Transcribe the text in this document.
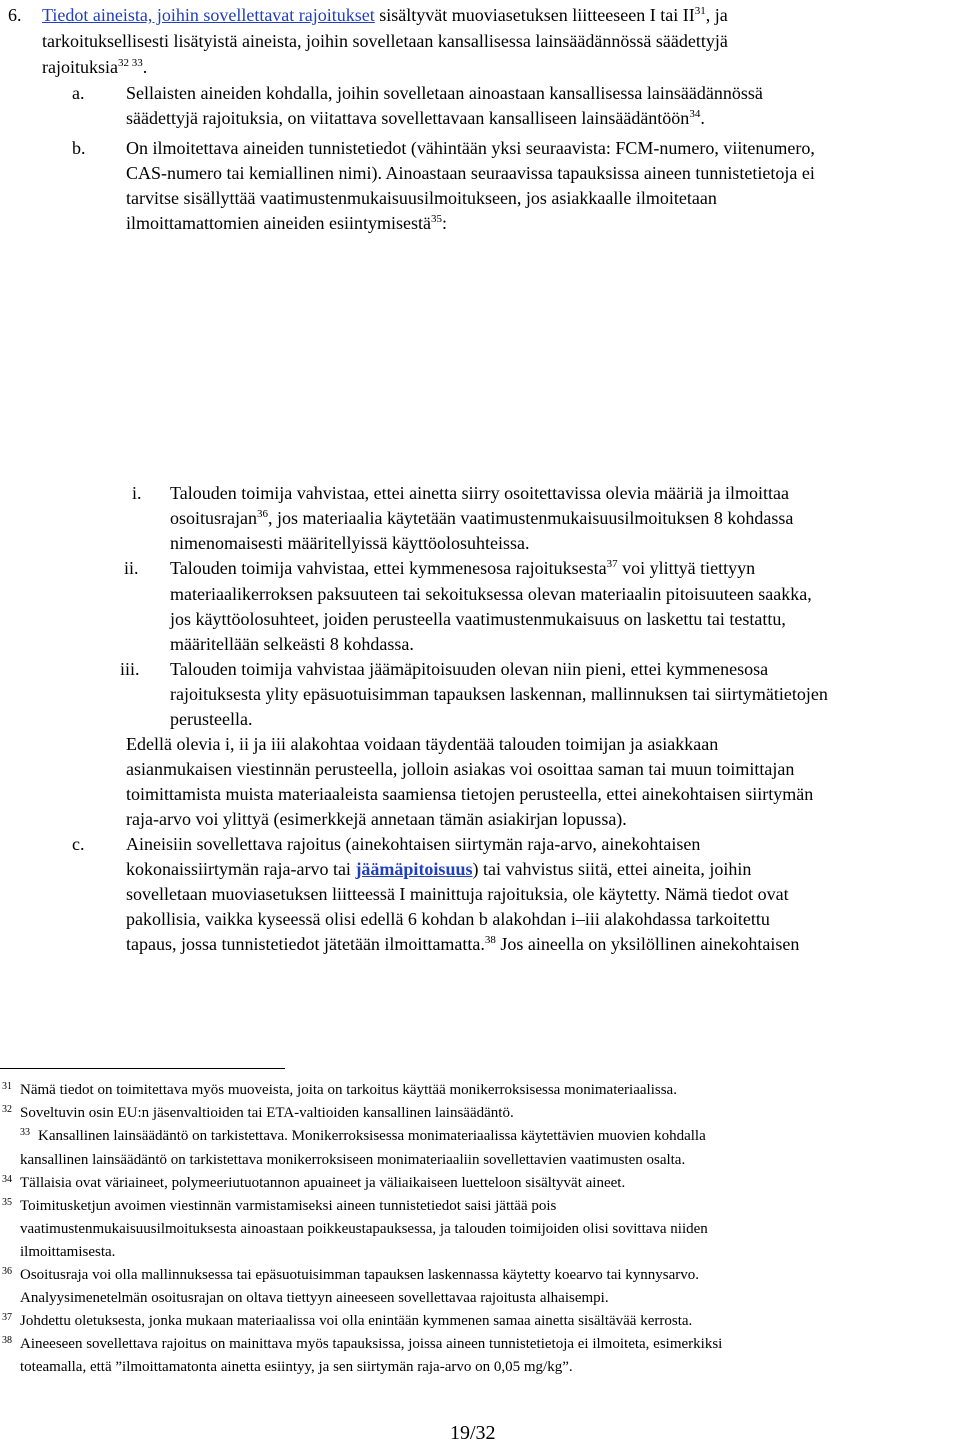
6. Tiedot aineista, joihin sovellettavat rajoitukset sisältyvät muoviasetuksen liitteeseen I tai II$^{31}$, ja
tarkoituksellisesti lisätyistä aineista, joihin sovelletaan kansallisessa lainsäädännössä säädettyjä
rajoituksia$^{32 33}$.
a. Sellaisten aineiden kohdalla, joihin sovelletaan ainoastaan kansallisessa lainsäädännössä
säädettyjä rajoituksia, on viitattava sovellettavaan kansalliseen lainsäädäntöön$^{34}$.
b. On ilmoitettava aineiden tunnistetiedot (vähintään yksi seuraavista: FCM-numero, viitenumero,
CAS-numero tai kemiallinen nimi). Ainoastaan seuraavissa tapauksissa aineen tunnistetietoja ei
tarvitse sisällyttää vaatimustenmukaisuusilmoitukseen, jos asiakkaalle ilmoitetaan
ilmoittamattomien aineiden esiintymisestä$^{35}$:
i. Talouden toimija vahvistaa, ettei ainetta siirry osoitettavissa olevia määriä ja ilmoittaa
osoitusrajan$^{36}$, jos materiaalia käytetään vaatimustenmukaisuusilmoituksen 8 kohdassa
nimenomaisesti määritellyissä käyttöolosuhteissa.
ii. Talouden toimija vahvistaa, ettei kymmenesosa rajoituksesta$^{37}$ voi ylittyä tiettyyn
materiaalikerroksen paksuuteen tai sekoituksessa olevan materiaalin pitoisuuteen saakka,
jos käyttöolosuhteet, joiden perusteella vaatimustenmukaisuus on laskettu tai testattu,
määritellään selkeästi 8 kohdassa.
iii. Talouden toimija vahvistaa jäämäpitoisuuden olevan niin pieni, ettei kymmenesosa
rajoituksesta ylity epäsuotuisimman tapauksen laskennan, mallinnuksen tai siirtymätietojen
perusteella.
Edellä olevia i, ii ja iii alakohtaa voidaan täydentää talouden toimijan ja asiakkaan
asianmukaisen viestinnän perusteella, jolloin asiakas voi osoittaa saman tai muun toimittajan
toimittamista muista materiaaleista saamiensa tietojen perusteella, ettei ainekohtaisen siirtymän
raja-arvo voi ylittyä (esimerkkejä annetaan tämän asiakirjan lopussa).
c. Aineisiin sovellettava rajoitus (ainekohtaisen siirtymän raja-arvo, ainekohtaisen
kokonaissiirtymän raja-arvo tai jäämäpitoisuus) tai vahvistus siitä, ettei aineita, joihin
sovelletaan muoviasetuksen liitteessä I mainittuja rajoituksia, ole käytetty. Nämä tiedot ovat
pakollisia, vaikka kyseessä olisi edellä 6 kohdan b alakohdan i–iii alakohdassa tarkoitettu
tapaus, jossa tunnistetiedot jätetään ilmoittamatta.$^{38}$ Jos aineella on yksilöllinen ainekohtaisen
31 Nämä tiedot on toimitettava myös muoveista, joita on tarkoitus käyttää monikerroksisessa monimateriaalissa.
32 Soveltuvin osin EU:n jäsenvaltioiden tai ETA-valtioiden kansallinen lainsäädäntö.
33 Kansallinen lainsäädäntö on tarkistettava. Monikerroksisessa monimateriaalissa käytettävien muovien kohdalla
kansallinen lainsäädäntö on tarkistettava monikerroksiseen monimateriaaliin sovellettavien vaatimusten osalta.
34 Tällaisia ovat väriaineet, polymeeriutuotannon apuaineet ja väliaikaiseen luetteloon sisältyvät aineet.
35 Toimitusketjun avoimen viestinnän varmistamiseksi aineen tunnistetiedot saisi jättää pois
vaatimustenmukaisuusilmoituksesta ainoastaan poikkeustapauksessa, ja talouden toimijoiden olisi sovittava niiden
ilmoittamisesta.
36 Osoitusraja voi olla mallinnuksessa tai epäsuotuisimman tapauksen laskennassa käytetty koearvo tai kynnysarvo.
Analyysimenetelmän osoitusrajan on oltava tiettyyn aineeseen sovellettavaa rajoitusta alhaisempi.
37 Johdettu oletuksesta, jonka mukaan materiaalissa voi olla enintään kymmenen samaa ainetta sisältävää kerrosta.
38 Aineeseen sovellettava rajoitus on mainittava myös tapauksissa, joissa aineen tunnistetietoja ei ilmoiteta, esimerkiksi
toteamalla, että ”ilmoittamatonta ainetta esiintyy, ja sen siirtymän raja-arvo on 0,05 mg/kg”.
19/32
